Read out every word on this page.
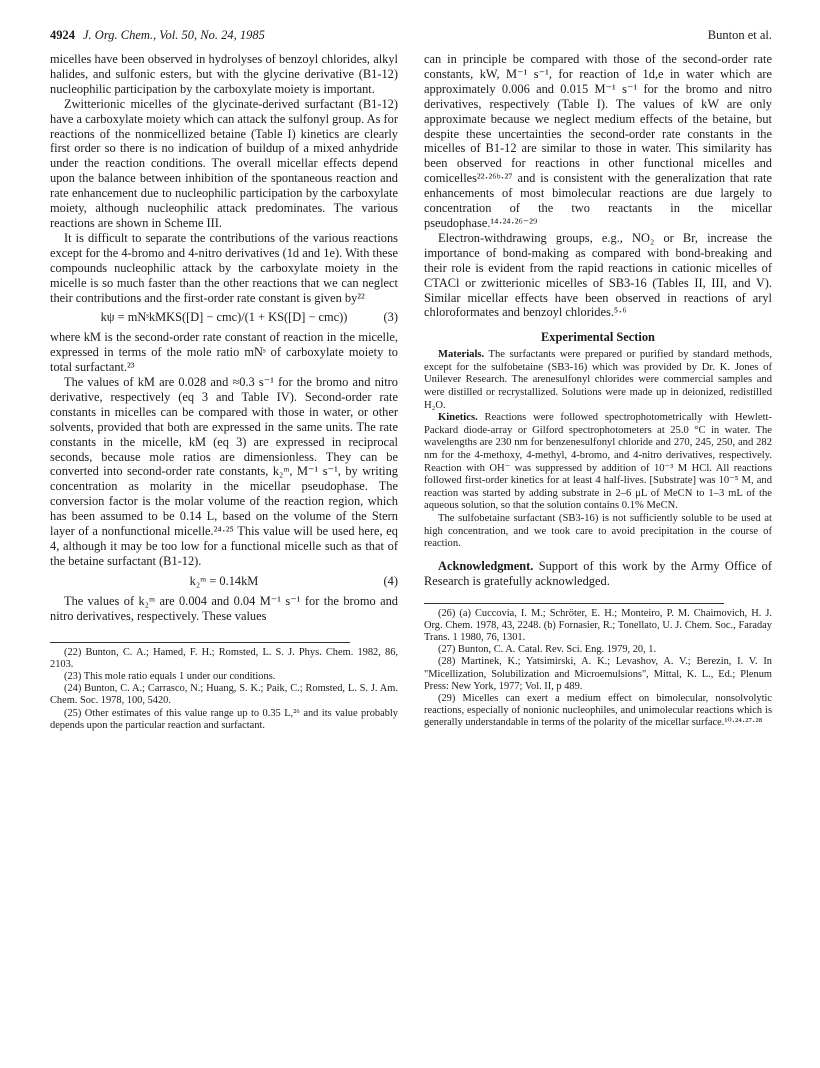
4924 J. Org. Chem., Vol. 50, No. 24, 1985	Bunton et al.

micelles have been observed in hydrolyses of benzoyl chlorides, alkyl halides, and sulfonic esters, but with the glycine derivative (B1-12) nucleophilic participation by the carboxylate moiety is important.

Zwitterionic micelles of the glycinate-derived surfactant (B1-12) have a carboxylate moiety which can attack the sulfonyl group. As for reactions of the nonmicellized betaine (Table I) kinetics are clearly first order so there is no indication of buildup of a mixed anhydride under the reaction conditions. The overall micellar effects depend upon the balance between inhibition of the spontaneous reaction and rate enhancement due to nucleophilic participation by the carboxylate moiety, although nucleophilic attack predominates. The various reactions are shown in Scheme III.

It is difficult to separate the contributions of the various reactions except for the 4-bromo and 4-nitro derivatives (1d and 1e). With these compounds nucleophilic attack by the carboxylate moiety in the micelle is so much faster than the other reactions that we can neglect their contributions and the first-order rate constant is given by²²

kψ = mNˢkMKS([D] − cmc)/(1 + KS([D] − cmc))	(3)

where kM is the second-order rate constant of reaction in the micelle, expressed in terms of the mole ratio mNˢ of carboxylate moiety to total surfactant.²³

The values of kM are 0.028 and ≈0.3 s⁻¹ for the bromo and nitro derivative, respectively (eq 3 and Table IV). Second-order rate constants in micelles can be compared with those in water, or other solvents, provided that both are expressed in the same units. The rate constants in the micelle, kM (eq 3) are expressed in reciprocal seconds, because mole ratios are dimensionless. They can be converted into second-order rate constants, k₂ᵐ, M⁻¹ s⁻¹, by writing concentration as molarity in the micellar pseudophase. The conversion factor is the molar volume of the reaction region, which has been assumed to be 0.14 L, based on the volume of the Stern layer of a nonfunctional micelle.²⁴·²⁵ This value will be used here, eq 4, although it may be too low for a functional micelle such as that of the betaine surfactant (B1-12).

k₂ᵐ = 0.14kM	(4)

The values of k₂ᵐ are 0.004 and 0.04 M⁻¹ s⁻¹ for the bromo and nitro derivatives, respectively. These values

(22) Bunton, C. A.; Hamed, F. H.; Romsted, L. S. J. Phys. Chem. 1982, 86, 2103.

(23) This mole ratio equals 1 under our conditions.

(24) Bunton, C. A.; Carrasco, N.; Huang, S. K.; Paik, C.; Romsted, L. S. J. Am. Chem. Soc. 1978, 100, 5420.

(25) Other estimates of this value range up to 0.35 L,²⁶ and its value probably depends upon the particular reaction and surfactant.

can in principle be compared with those of the second-order rate constants, kW, M⁻¹ s⁻¹, for reaction of 1d,e in water which are approximately 0.006 and 0.015 M⁻¹ s⁻¹ for the bromo and nitro derivatives, respectively (Table I). The values of kW are only approximate because we neglect medium effects of the betaine, but despite these uncertainties the second-order rate constants in the micelles of B1-12 are similar to those in water. This similarity has been observed for reactions in other functional micelles and comicelles²²·²⁶ᵇ·²⁷ and is consistent with the generalization that rate enhancements of most bimolecular reactions are due largely to concentration of the two reactants in the micellar pseudophase.¹⁴·²⁴·²⁶⁻²⁹

Electron-withdrawing groups, e.g., NO₂ or Br, increase the importance of bond-making as compared with bond-breaking and their role is evident from the rapid reactions in cationic micelles of CTACl or zwitterionic micelles of SB3-16 (Tables II, III, and V). Similar micellar effects have been observed in reactions of aryl chloroformates and benzoyl chlorides.⁵·⁶

Experimental Section

Materials. The surfactants were prepared or purified by standard methods, except for the sulfobetaine (SB3-16) which was provided by Dr. K. Jones of Unilever Research. The arenesulfonyl chlorides were commercial samples and were distilled or recrystallized. Solutions were made up in deionized, redistilled H₂O.

Kinetics. Reactions were followed spectrophotometrically with Hewlett-Packard diode-array or Gilford spectrophotometers at 25.0 °C in water. The wavelengths are 230 nm for benzenesulfonyl chloride and 270, 245, 250, and 282 nm for the 4-methoxy, 4-methyl, 4-bromo, and 4-nitro derivatives, respectively. Reaction with OH⁻ was suppressed by addition of 10⁻³ M HCl. All reactions followed first-order kinetics for at least 4 half-lives. [Substrate] was 10⁻⁵ M, and reaction was started by adding substrate in 2–6 μL of MeCN to 1–3 mL of the aqueous solution, so that the solution contains 0.1% MeCN.

The sulfobetaine surfactant (SB3-16) is not sufficiently soluble to be used at high concentration, and we took care to avoid precipitation in the course of reaction.

Acknowledgment. Support of this work by the Army Office of Research is gratefully acknowledged.

(26) (a) Cuccovia, I. M.; Schröter, E. H.; Monteiro, P. M. Chaimovich, H. J. Org. Chem. 1978, 43, 2248. (b) Fornasier, R.; Tonellato, U. J. Chem. Soc., Faraday Trans. 1 1980, 76, 1301.

(27) Bunton, C. A. Catal. Rev. Sci. Eng. 1979, 20, 1.

(28) Martinek, K.; Yatsimirski, A. K.; Levashov, A. V.; Berezin, I. V. In "Micellization, Solubilization and Microemulsions", Mittal, K. L., Ed.; Plenum Press: New York, 1977; Vol. II, p 489.

(29) Micelles can exert a medium effect on bimolecular, nonsolvolytic reactions, especially of nonionic nucleophiles, and unimolecular reactions which is generally understandable in terms of the polarity of the micellar surface.¹⁰·²⁴·²⁷·²⁸
